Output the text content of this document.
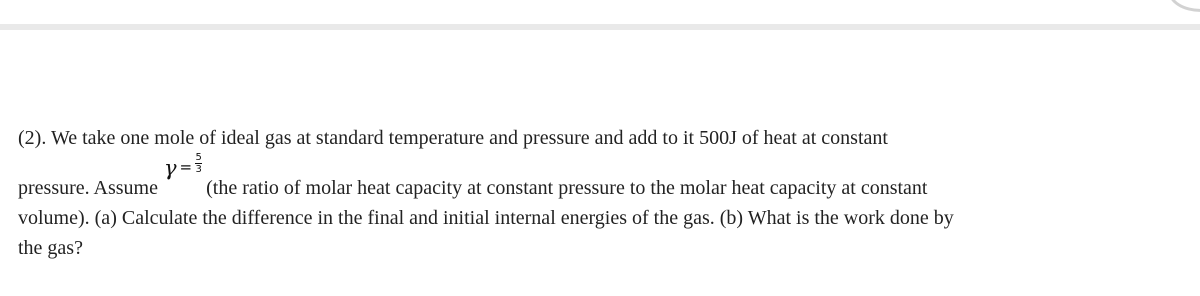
(2). We take one mole of ideal gas at standard temperature and pressure and add to it 500J of heat at constant
pressure. Assumeγ = $\frac{5}{3}$
(the ratio of molar heat capacity at constant pressure to the molar heat capacity at constant
volume). (a) Calculate the difference in the final and initial internal energies of the gas. (b) What is the work done by
the gas?
